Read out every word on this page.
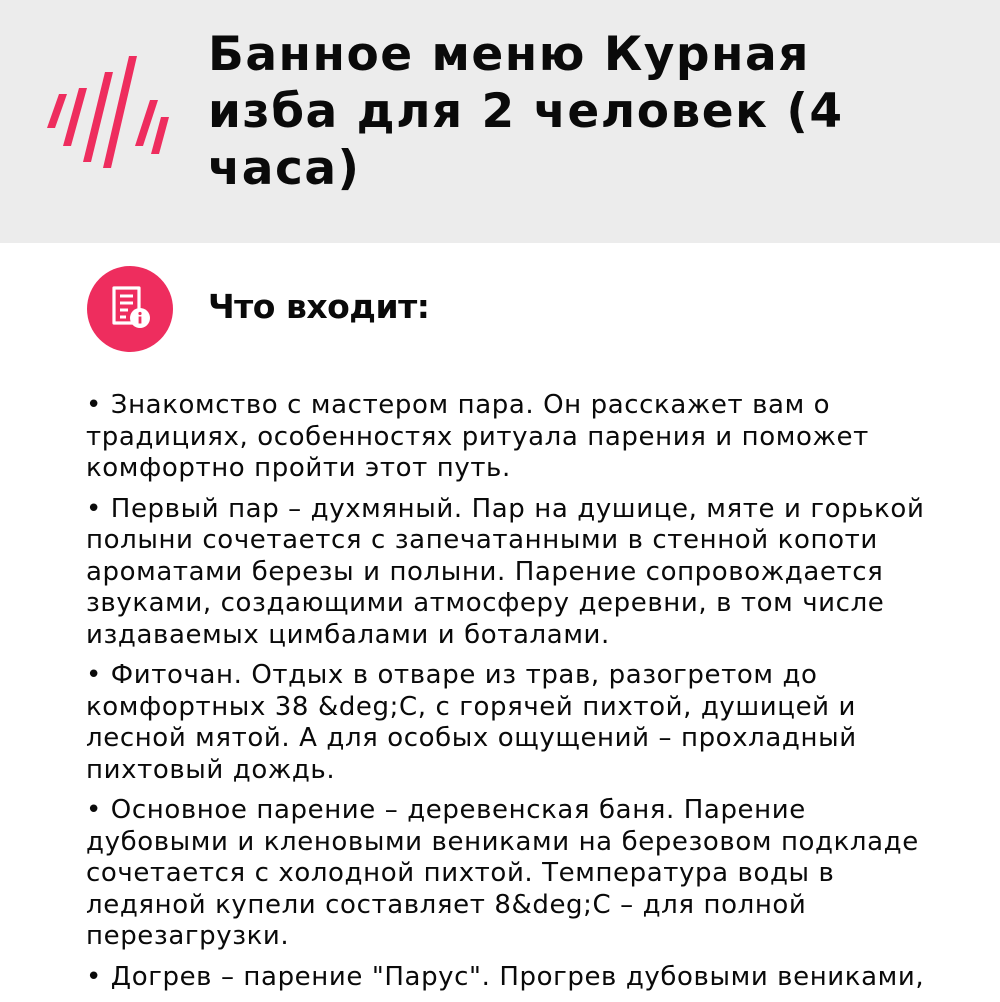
Банное меню Курная
изба для 2 человек (4
часа)
Что входит:
• Знакомство с мастером пара. Он расскажет вам о
традициях, особенностях ритуала парения и поможет
комфортно пройти этот путь.
• Первый пар – духмяный. Пар на душице, мяте и горькой
полыни сочетается с запечатанными в стенной копоти
ароматами березы и полыни. Парение сопровождается
звуками, создающими атмосферу деревни, в том числе
издаваемых цимбалами и боталами.
• Фиточан. Отдых в отваре из трав, разогретом до
комфортных 38 &deg;C, с горячей пихтой, душицей и
лесной мятой. А для особых ощущений – прохладный
пихтовый дождь.
• Основное парение – деревенская баня. Парение
дубовыми и кленовыми вениками на березовом подкладе
сочетается с холодной пихтой. Температура воды в
ледяной купели составляет 8&deg;C – для полной
перезагрузки.
• Догрев – парение "Парус". Прогрев дубовыми вениками,
